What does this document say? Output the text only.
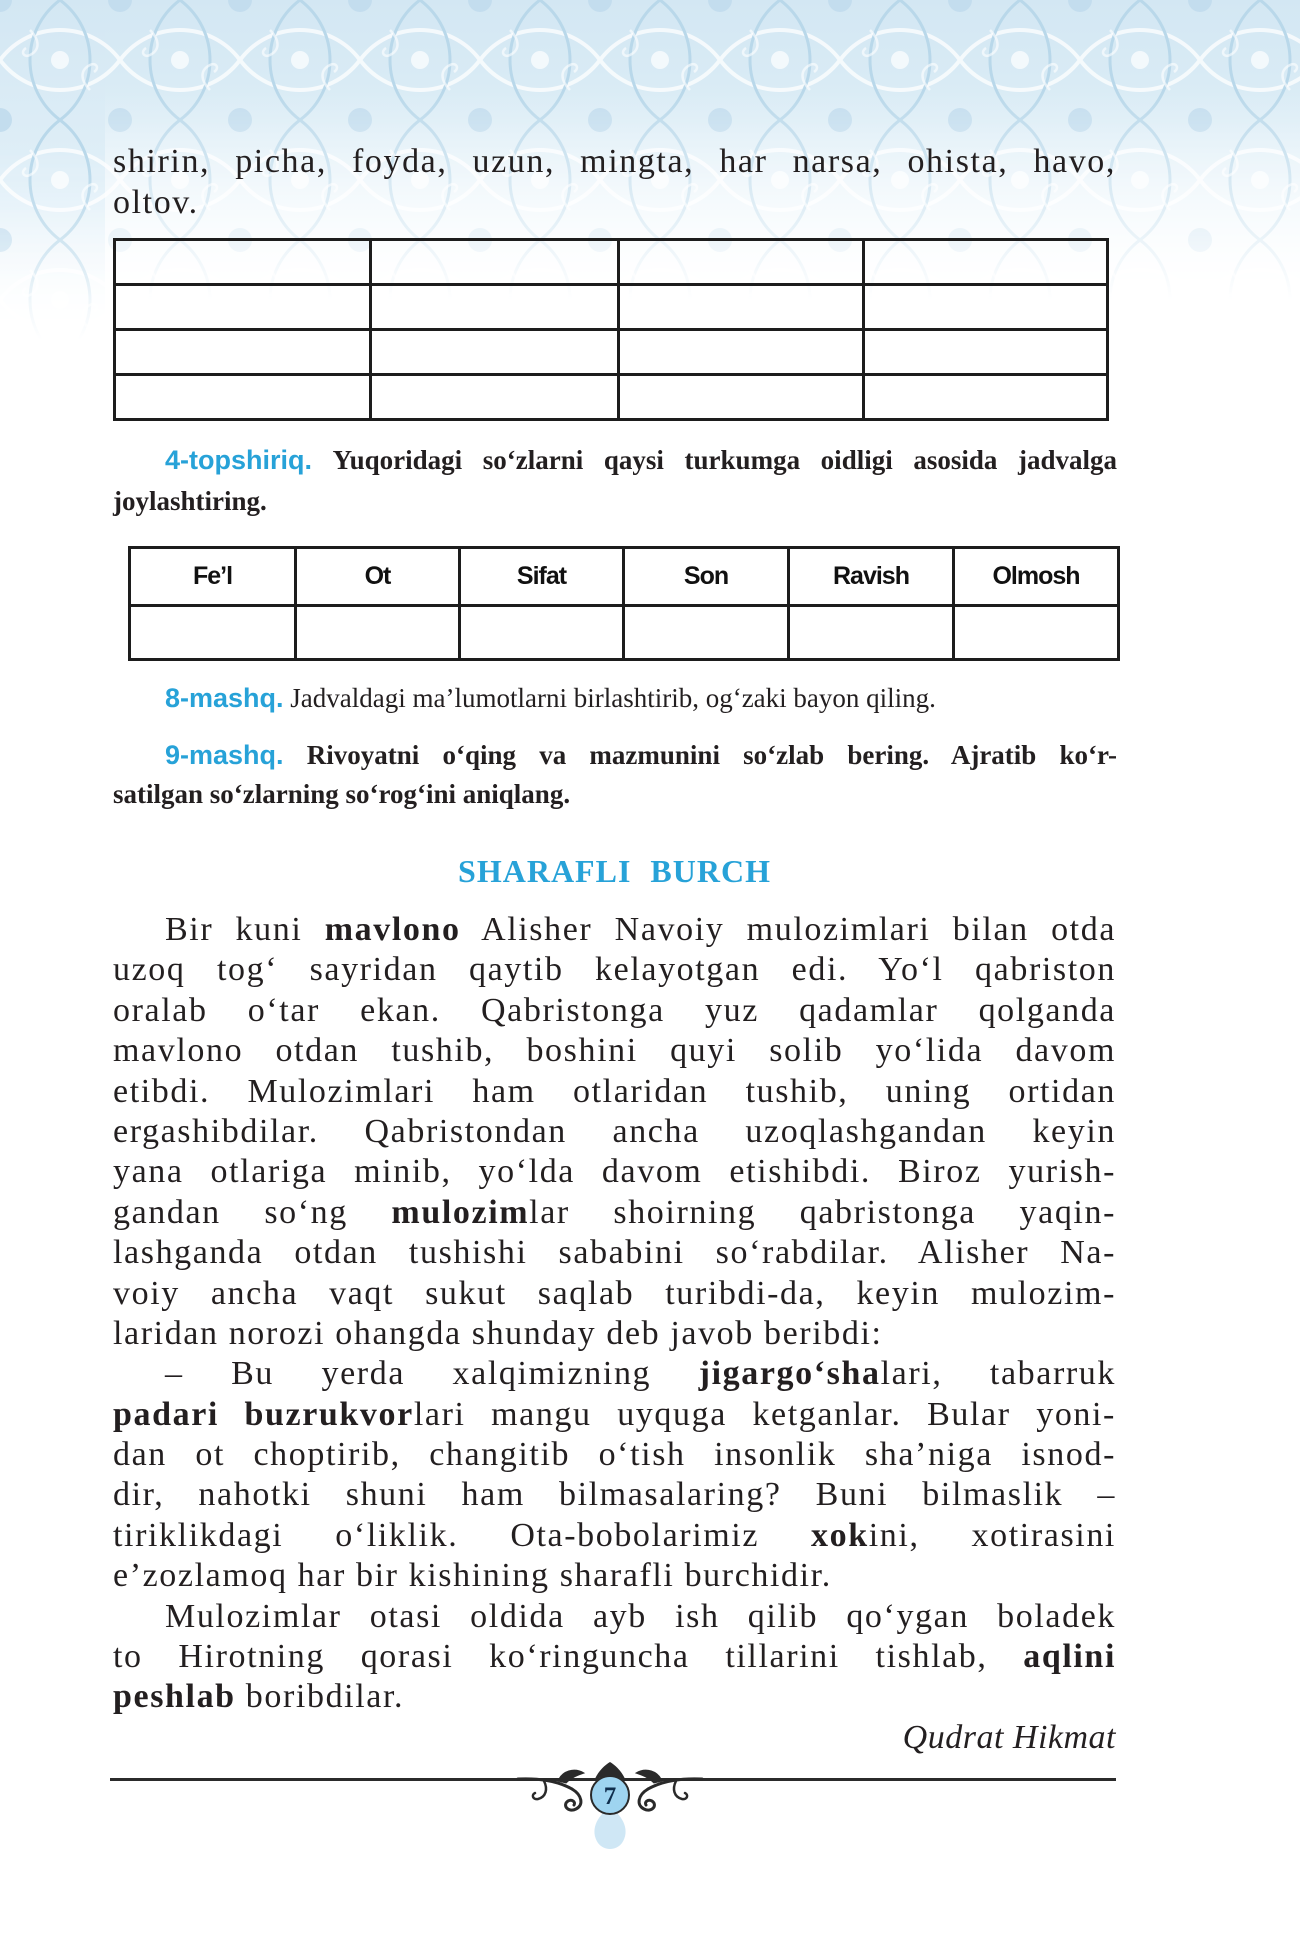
shirin, picha, foyda, uzun, mingta, har narsa, ohista, havo,
oltov.

4-topshiriq. Yuqoridagi so‘zlarni qaysi turkumga oidligi asosida jadvalga
joylashtiring.
Fe’l	Ot	Sifat	Son	Ravish	Olmosh

8-mashq. Jadvaldagi ma’lumotlarni birlashtirib, og‘zaki bayon qiling.
9-mashq. Rivoyatni o‘qing va mazmunini so‘zlab bering. Ajratib ko‘r-
satilgan so‘zlarning so‘rog‘ini aniqlang.
SHARAFLI BURCH
Bir kuni mavlono Alisher Navoiy mulozimlari bilan otda
uzoq tog‘ sayridan qaytib kelayotgan edi. Yo‘l qabriston
oralab o‘tar ekan. Qabristonga yuz qadamlar qolganda
mavlono otdan tushib, boshini quyi solib yo‘lida davom
etibdi. Mulozimlari ham otlaridan tushib, uning ortidan
ergashibdilar. Qabristondan ancha uzoqlashgandan keyin
yana otlariga minib, yo‘lda davom etishibdi. Biroz yurish-
gandan so‘ng mulozimlar shoirning qabristonga yaqin-
lashganda otdan tushishi sababini so‘rabdilar. Alisher Na-
voiy ancha vaqt sukut saqlab turibdi-da, keyin mulozim-
laridan norozi ohangda shunday deb javob beribdi:
– Bu yerda xalqimizning jigargo‘shalari, tabarruk
padari buzrukvorlari mangu uyquga ketganlar. Bular yoni-
dan ot choptirib, changitib o‘tish insonlik sha’niga isnod-
dir, nahotki shuni ham bilmasalaring? Buni bilmaslik –
tiriklikdagi o‘liklik. Ota-bobolarimiz xokini, xotirasini
e’zozlamoq har bir kishining sharafli burchidir.
Mulozimlar otasi oldida ayb ish qilib qo‘ygan boladek
to Hirotning qorasi ko‘ringuncha tillarini tishlab, aqlini
peshlab boribdilar.
Qudrat Hikmat
7
